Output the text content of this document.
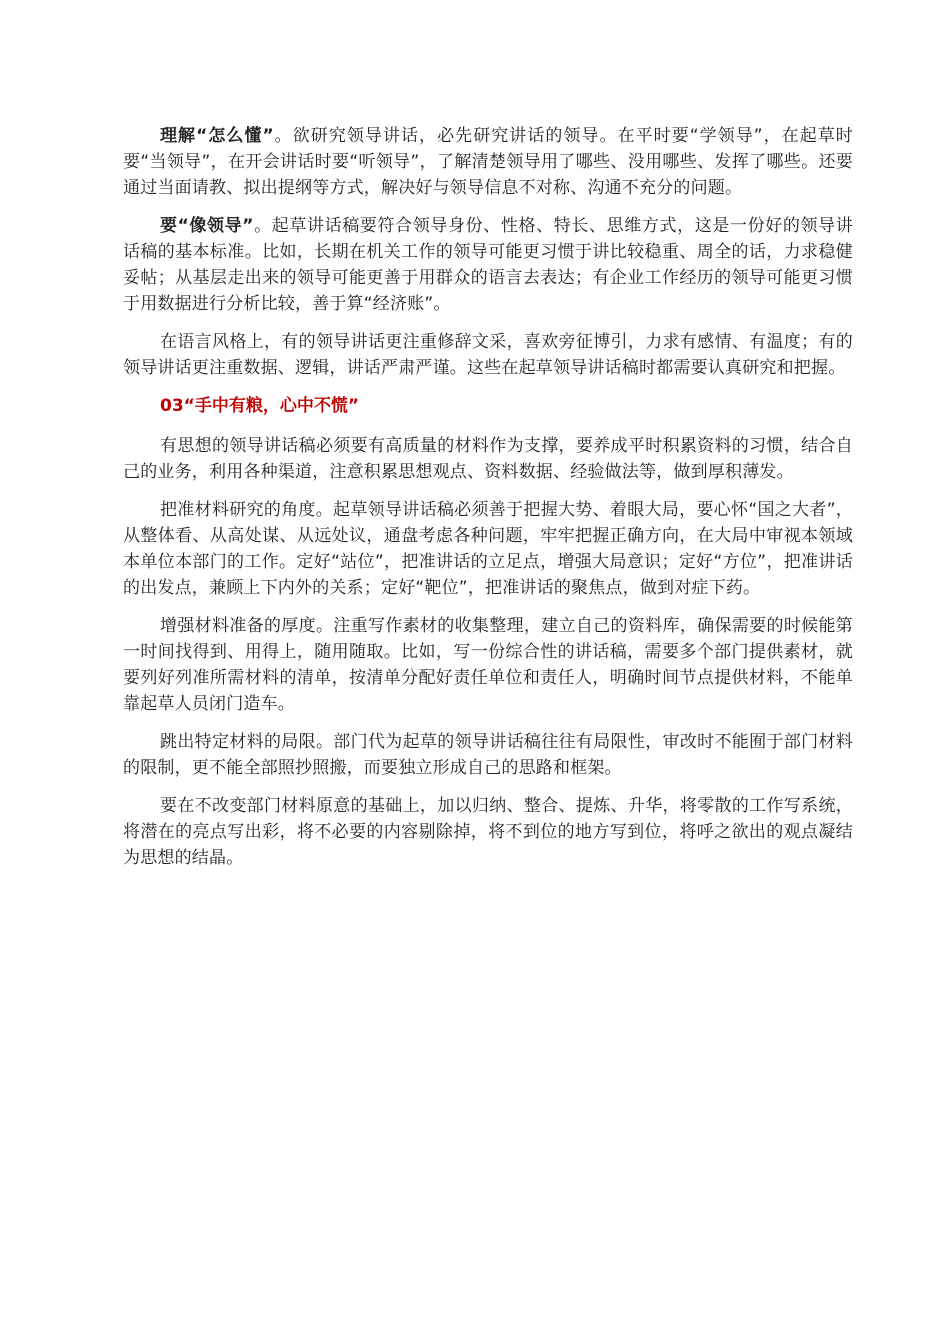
理解“怎么懂”。欲研究领导讲话，必先研究讲话的领导。在平时要“学领导”，在起草时要“当领导”，在开会讲话时要“听领导”，了解清楚领导用了哪些、没用哪些、发挥了哪些。还要通过当面请教、拟出提纲等方式，解决好与领导信息不对称、沟通不充分的问题。

要“像领导”。起草讲话稿要符合领导身份、性格、特长、思维方式，这是一份好的领导讲话稿的基本标准。比如，长期在机关工作的领导可能更习惯于讲比较稳重、周全的话，力求稳健妥帖；从基层走出来的领导可能更善于用群众的语言去表达；有企业工作经历的领导可能更习惯于用数据进行分析比较，善于算“经济账”。

在语言风格上，有的领导讲话更注重修辞文采，喜欢旁征博引，力求有感情、有温度；有的领导讲话更注重数据、逻辑，讲话严肃严谨。这些在起草领导讲话稿时都需要认真研究和把握。

03“手中有粮，心中不慌”

有思想的领导讲话稿必须要有高质量的材料作为支撑，要养成平时积累资料的习惯，结合自己的业务，利用各种渠道，注意积累思想观点、资料数据、经验做法等，做到厚积薄发。

把准材料研究的角度。起草领导讲话稿必须善于把握大势、着眼大局，要心怀“国之大者”，从整体看、从高处谋、从远处议，通盘考虑各种问题，牢牢把握正确方向，在大局中审视本领域本单位本部门的工作。定好“站位”，把准讲话的立足点，增强大局意识；定好“方位”，把准讲话的出发点，兼顾上下内外的关系；定好“靶位”，把准讲话的聚焦点，做到对症下药。

增强材料准备的厚度。注重写作素材的收集整理，建立自己的资料库，确保需要的时候能第一时间找得到、用得上，随用随取。比如，写一份综合性的讲话稿，需要多个部门提供素材，就要列好列准所需材料的清单，按清单分配好责任单位和责任人，明确时间节点提供材料，不能单靠起草人员闭门造车。

跳出特定材料的局限。部门代为起草的领导讲话稿往往有局限性，审改时不能囿于部门材料的限制，更不能全部照抄照搬，而要独立形成自己的思路和框架。

要在不改变部门材料原意的基础上，加以归纳、整合、提炼、升华，将零散的工作写系统，将潜在的亮点写出彩，将不必要的内容剔除掉，将不到位的地方写到位，将呼之欲出的观点凝结为思想的结晶。
